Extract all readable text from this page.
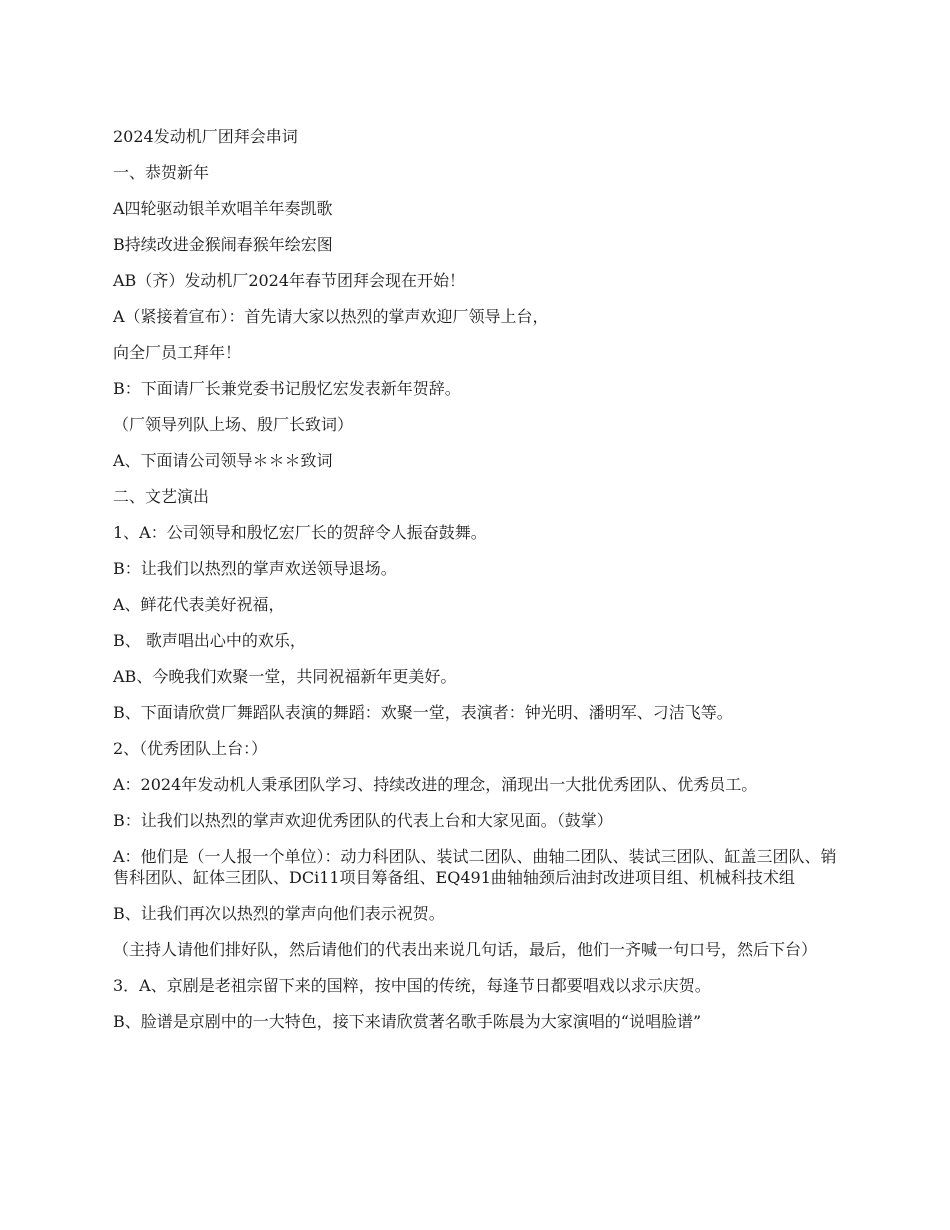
2024发动机厂团拜会串词

一、恭贺新年

A四轮驱动银羊欢唱羊年奏凯歌

B持续改进金猴闹春猴年绘宏图

AB（齐）发动机厂2024年春节团拜会现在开始！

A（紧接着宣布）：首先请大家以热烈的掌声欢迎厂领导上台，

向全厂员工拜年！

B：下面请厂长兼党委书记殷忆宏发表新年贺辞。

（厂领导列队上场、殷厂长致词）

A、下面请公司领导＊＊＊致词

二、文艺演出

1、A：公司领导和殷忆宏厂长的贺辞令人振奋鼓舞。

B：让我们以热烈的掌声欢送领导退场。

A、鲜花代表美好祝福，

B、 歌声唱出心中的欢乐，

AB、今晚我们欢聚一堂，共同祝福新年更美好。

B、下面请欣赏厂舞蹈队表演的舞蹈：欢聚一堂，表演者：钟光明、潘明军、刁洁飞等。

2、（优秀团队上台：）

A：2024年发动机人秉承团队学习、持续改进的理念，涌现出一大批优秀团队、优秀员工。

B：让我们以热烈的掌声欢迎优秀团队的代表上台和大家见面。（鼓掌）

A：他们是（一人报一个单位）：动力科团队、装试二团队、曲轴二团队、装试三团队、缸盖三团队、销售科团队、缸体三团队、DCi11项目筹备组、EQ491曲轴轴颈后油封改进项目组、机械科技术组

B、让我们再次以热烈的掌声向他们表示祝贺。

（主持人请他们排好队，然后请他们的代表出来说几句话，最后，他们一齐喊一句口号，然后下台）

3．A、京剧是老祖宗留下来的国粹，按中国的传统，每逢节日都要唱戏以求示庆贺。

B、脸谱是京剧中的一大特色，接下来请欣赏著名歌手陈晨为大家演唱的“说唱脸谱”
